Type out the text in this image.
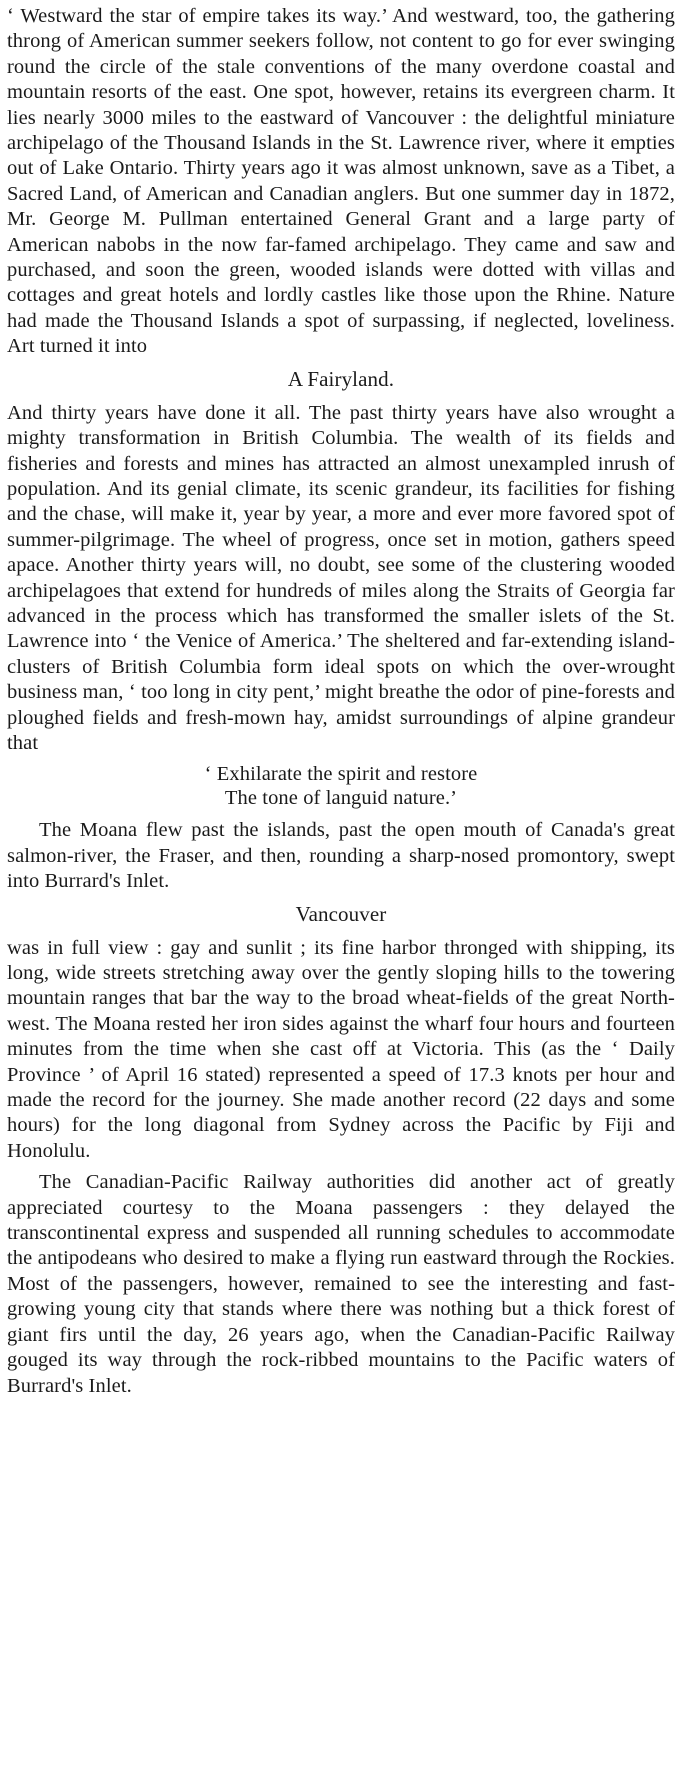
‘ Westward the star of empire takes its way.’ And westward, too, the gathering throng of American summer seekers follow, not content to go for ever swinging round the circle of the stale conventions of the many overdone coastal and mountain resorts of the east. One spot, however, retains its evergreen charm. It lies nearly 3000 miles to the eastward of Vancouver : the delightful miniature archipelago of the Thousand Islands in the St. Lawrence river, where it empties out of Lake Ontario. Thirty years ago it was almost unknown, save as a Tibet, a Sacred Land, of American and Canadian anglers. But one summer day in 1872, Mr. George M. Pullman entertained General Grant and a large party of American nabobs in the now far-famed archipelago. They came and saw and purchased, and soon the green, wooded islands were dotted with villas and cottages and great hotels and lordly castles like those upon the Rhine. Nature had made the Thousand Islands a spot of surpassing, if neglected, loveliness. Art turned it into

A Fairyland.

And thirty years have done it all. The past thirty years have also wrought a mighty transformation in British Columbia. The wealth of its fields and fisheries and forests and mines has attracted an almost unexampled inrush of population. And its genial climate, its scenic grandeur, its facilities for fishing and the chase, will make it, year by year, a more and ever more favored spot of summer-pilgrimage. The wheel of progress, once set in motion, gathers speed apace. Another thirty years will, no doubt, see some of the clustering wooded archipelagoes that extend for hundreds of miles along the Straits of Georgia far advanced in the process which has transformed the smaller islets of the St. Lawrence into ‘ the Venice of America.’ The sheltered and far-extending island-clusters of British Columbia form ideal spots on which the over-wrought business man, ‘ too long in city pent,’ might breathe the odor of pine-forests and ploughed fields and fresh-mown hay, amidst surroundings of alpine grandeur that

‘ Exhilarate the spirit and restore
The tone of languid nature.’

The Moana flew past the islands, past the open mouth of Canada's great salmon-river, the Fraser, and then, rounding a sharp-nosed promontory, swept into Burrard's Inlet.

Vancouver

was in full view : gay and sunlit ; its fine harbor thronged with shipping, its long, wide streets stretching away over the gently sloping hills to the towering mountain ranges that bar the way to the broad wheat-fields of the great North-west. The Moana rested her iron sides against the wharf four hours and fourteen minutes from the time when she cast off at Victoria. This (as the ‘ Daily Province ’ of April 16 stated) represented a speed of 17.3 knots per hour and made the record for the journey. She made another record (22 days and some hours) for the long diagonal from Sydney across the Pacific by Fiji and Honolulu.

The Canadian-Pacific Railway authorities did another act of greatly appreciated courtesy to the Moana passengers : they delayed the transcontinental express and suspended all running schedules to accommodate the antipodeans who desired to make a flying run eastward through the Rockies. Most of the passengers, however, remained to see the interesting and fast-growing young city that stands where there was nothing but a thick forest of giant firs until the day, 26 years ago, when the Canadian-Pacific Railway gouged its way through the rock-ribbed mountains to the Pacific waters of Burrard's Inlet.
